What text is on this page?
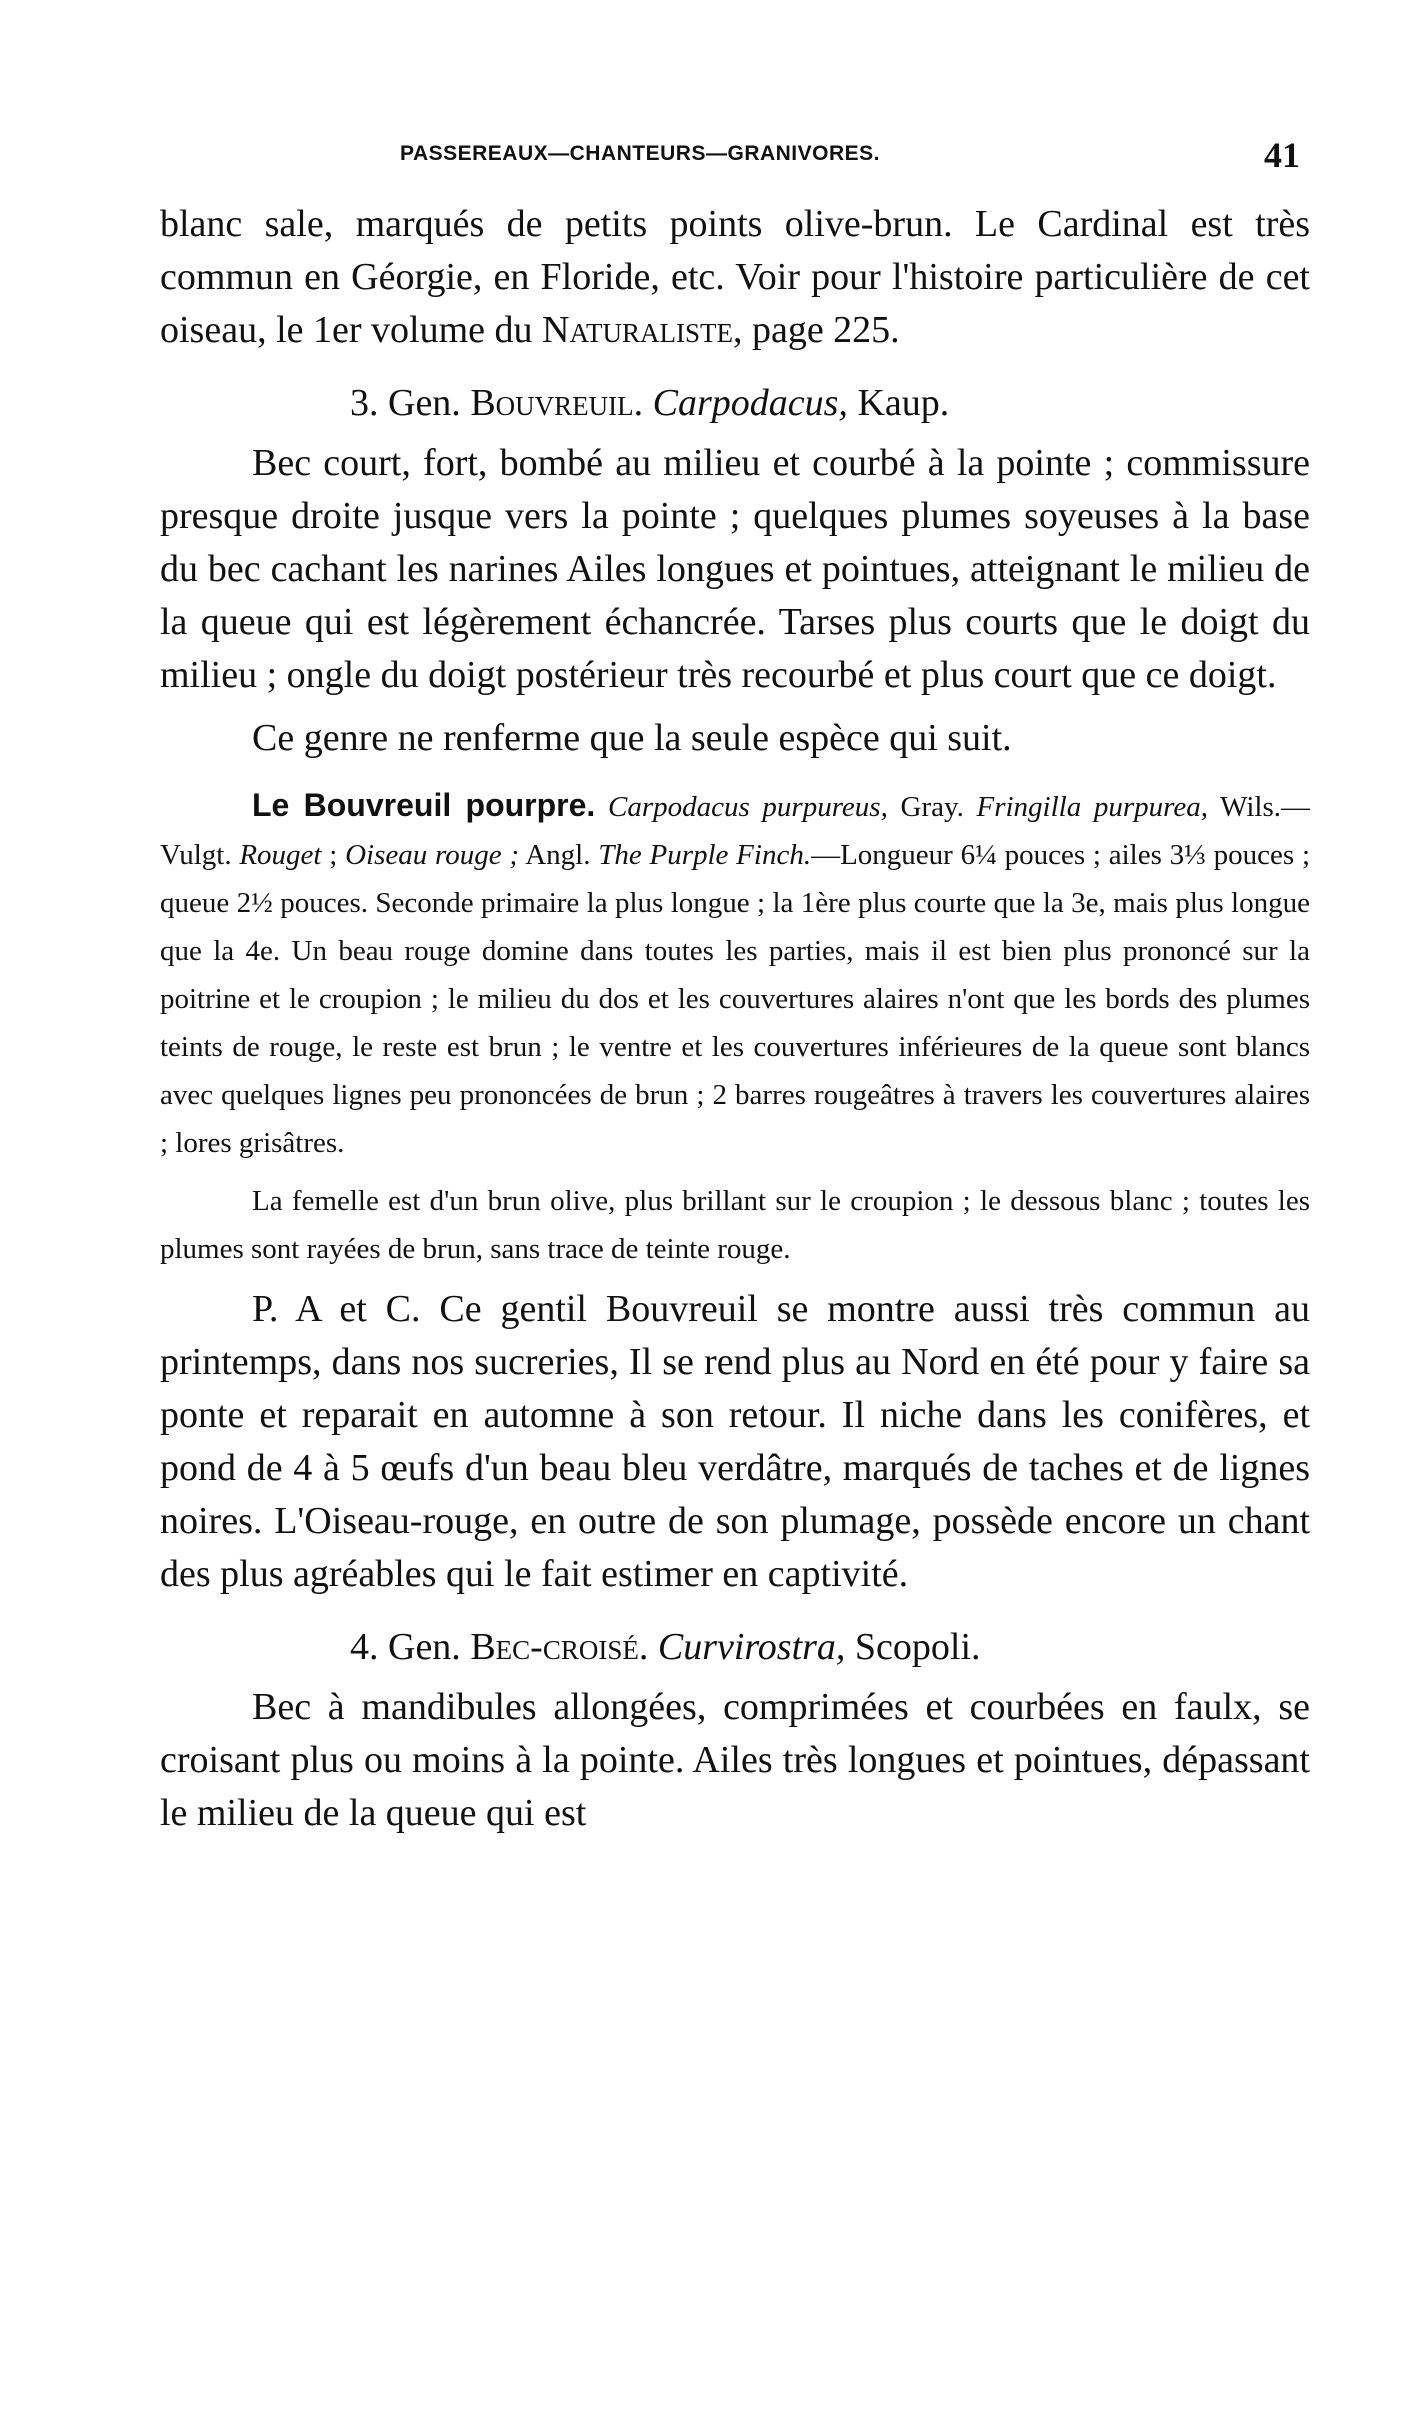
PASSEREAUX—CHANTEURS—GRANIVORES.	41

blanc sale, marqués de petits points olive-brun. Le Cardinal est très commun en Géorgie, en Floride, etc. Voir pour l'histoire particulière de cet oiseau, le 1er volume du Naturaliste, page 225.

3. Gen. Bouvreuil. Carpodacus, Kaup.

Bec court, fort, bombé au milieu et courbé à la pointe ; commissure presque droite jusque vers la pointe ; quelques plumes soyeuses à la base du bec cachant les narines Ailes longues et pointues, atteignant le milieu de la queue qui est légèrement échancrée. Tarses plus courts que le doigt du milieu ; ongle du doigt postérieur très recourbé et plus court que ce doigt.

Ce genre ne renferme que la seule espèce qui suit.

Le Bouvreuil pourpre. Carpodacus purpureus, Gray. Fringilla purpurea, Wils.—Vulgt. Rouget ; Oiseau rouge ; Angl. The Purple Finch.—Longueur 6¼ pouces ; ailes 3⅓ pouces ; queue 2½ pouces. Seconde primaire la plus longue ; la 1ère plus courte que la 3e, mais plus longue que la 4e. Un beau rouge domine dans toutes les parties, mais il est bien plus prononcé sur la poitrine et le croupion ; le milieu du dos et les couvertures alaires n'ont que les bords des plumes teints de rouge, le reste est brun ; le ventre et les couvertures inférieures de la queue sont blancs avec quelques lignes peu prononcées de brun ; 2 barres rougeâtres à travers les couvertures alaires ; lores grisâtres.

La femelle est d'un brun olive, plus brillant sur le croupion ; le dessous blanc ; toutes les plumes sont rayées de brun, sans trace de teinte rouge.

P. A et C. Ce gentil Bouvreuil se montre aussi très commun au printemps, dans nos sucreries, Il se rend plus au Nord en été pour y faire sa ponte et reparait en automne à son retour. Il niche dans les conifères, et pond de 4 à 5 œufs d'un beau bleu verdâtre, marqués de taches et de lignes noires. L'Oiseau-rouge, en outre de son plumage, possède encore un chant des plus agréables qui le fait estimer en captivité.

4. Gen. Bec-croisé. Curvirostra, Scopoli.

Bec à mandibules allongées, comprimées et courbées en faulx, se croisant plus ou moins à la pointe. Ailes très longues et pointues, dépassant le milieu de la queue qui est
